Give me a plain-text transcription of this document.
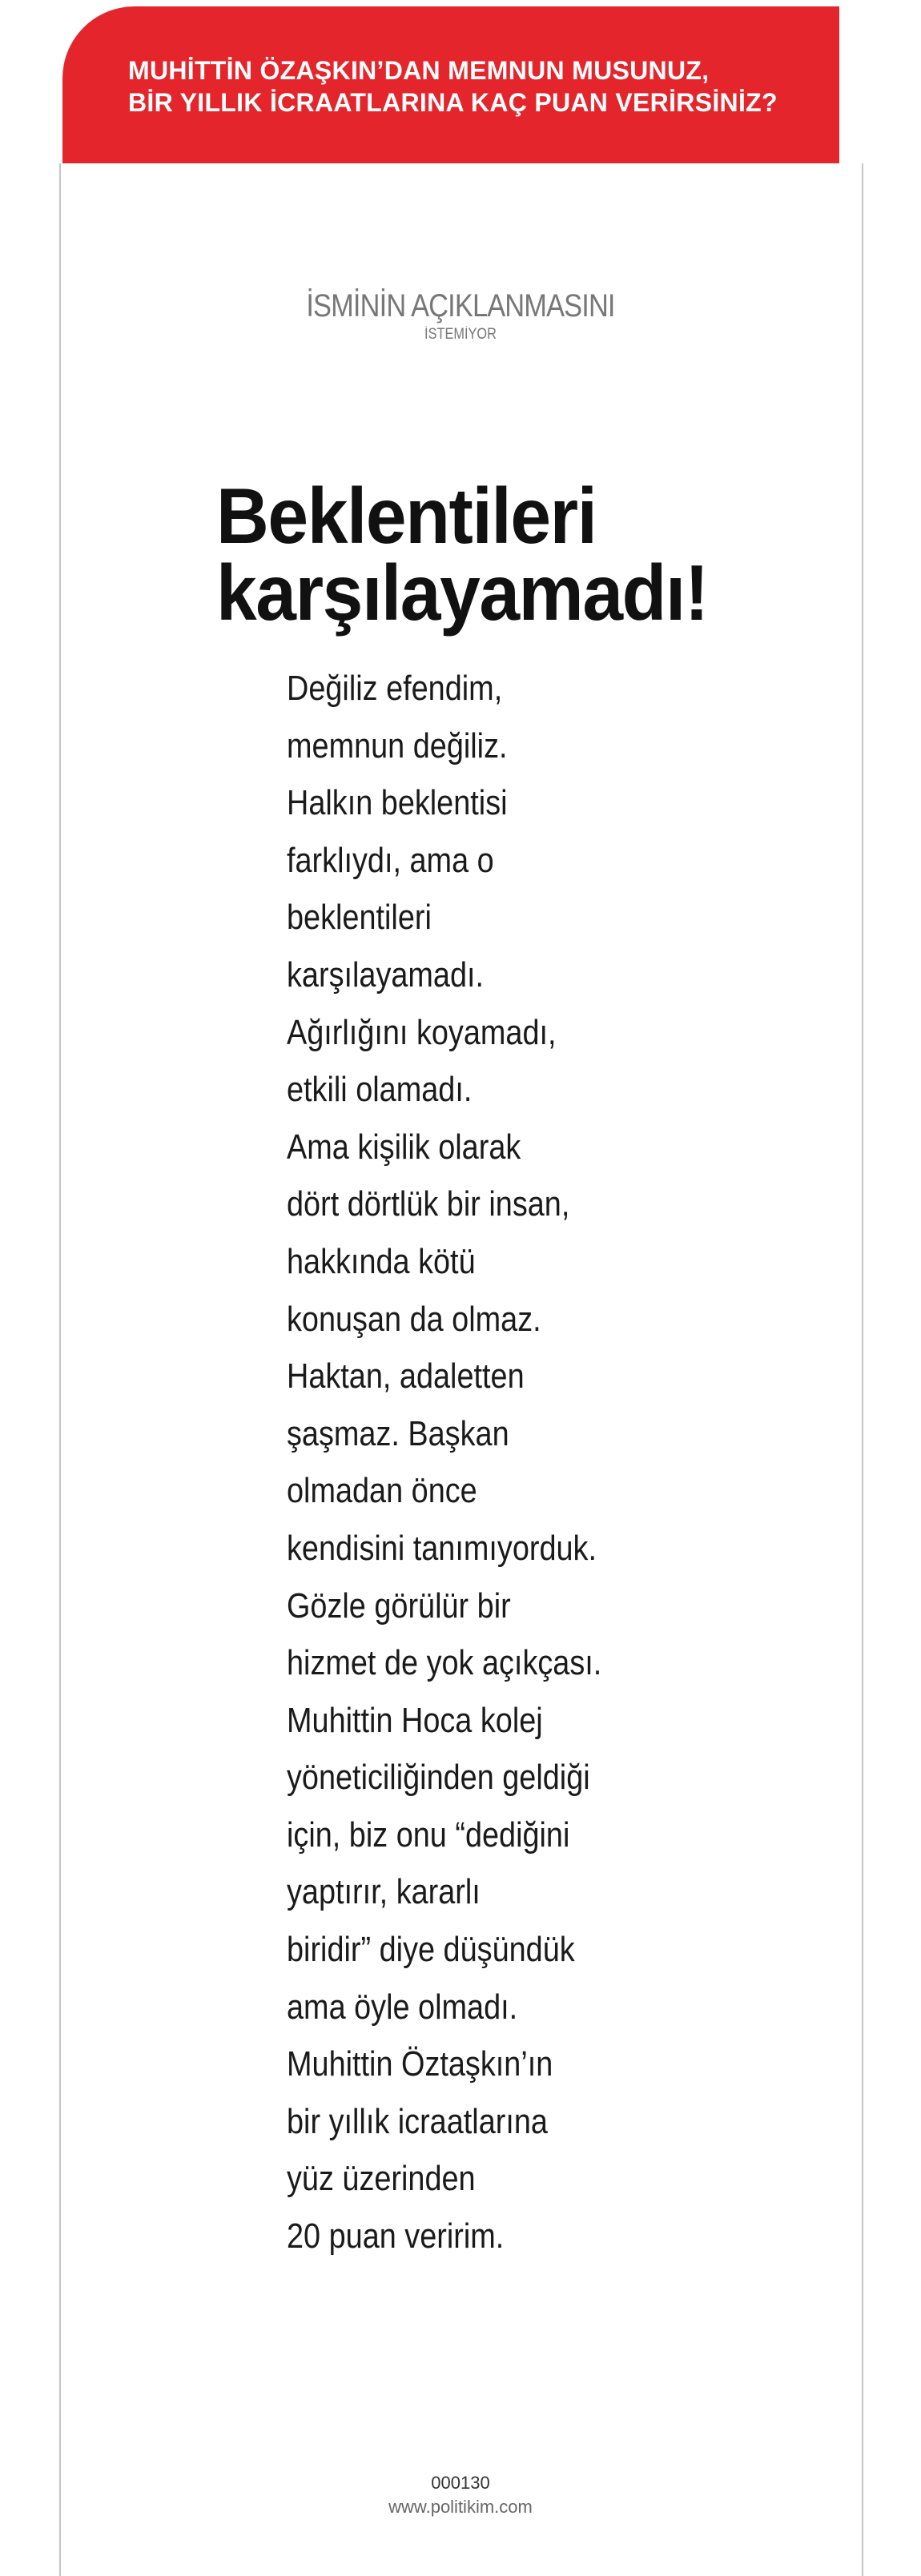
MUHİTTİN ÖZAŞKIN’DAN MEMNUN MUSUNUZ,
BİR YILLIK İCRAATLARINA KAÇ PUAN VERİRSİNİZ?
İSMİNİN AÇIKLANMASINI
İSTEMİYOR
Beklentileri
karşılayamadı!
Değiliz efendim,
memnun değiliz.
Halkın beklentisi
farklıydı, ama o
beklentileri
karşılayamadı.
Ağırlığını koyamadı,
etkili olamadı.
Ama kişilik olarak
dört dörtlük bir insan,
hakkında kötü
konuşan da olmaz.
Haktan, adaletten
şaşmaz. Başkan
olmadan önce
kendisini tanımıyorduk.
Gözle görülür bir
hizmet de yok açıkçası.
Muhittin Hoca kolej
yöneticiliğinden geldiği
için, biz onu “dediğini
yaptırır, kararlı
biridir” diye düşündük
ama öyle olmadı.
Muhittin Öztaşkın’ın
bir yıllık icraatlarına
yüz üzerinden
20 puan veririm.
000130
www.politikim.com
